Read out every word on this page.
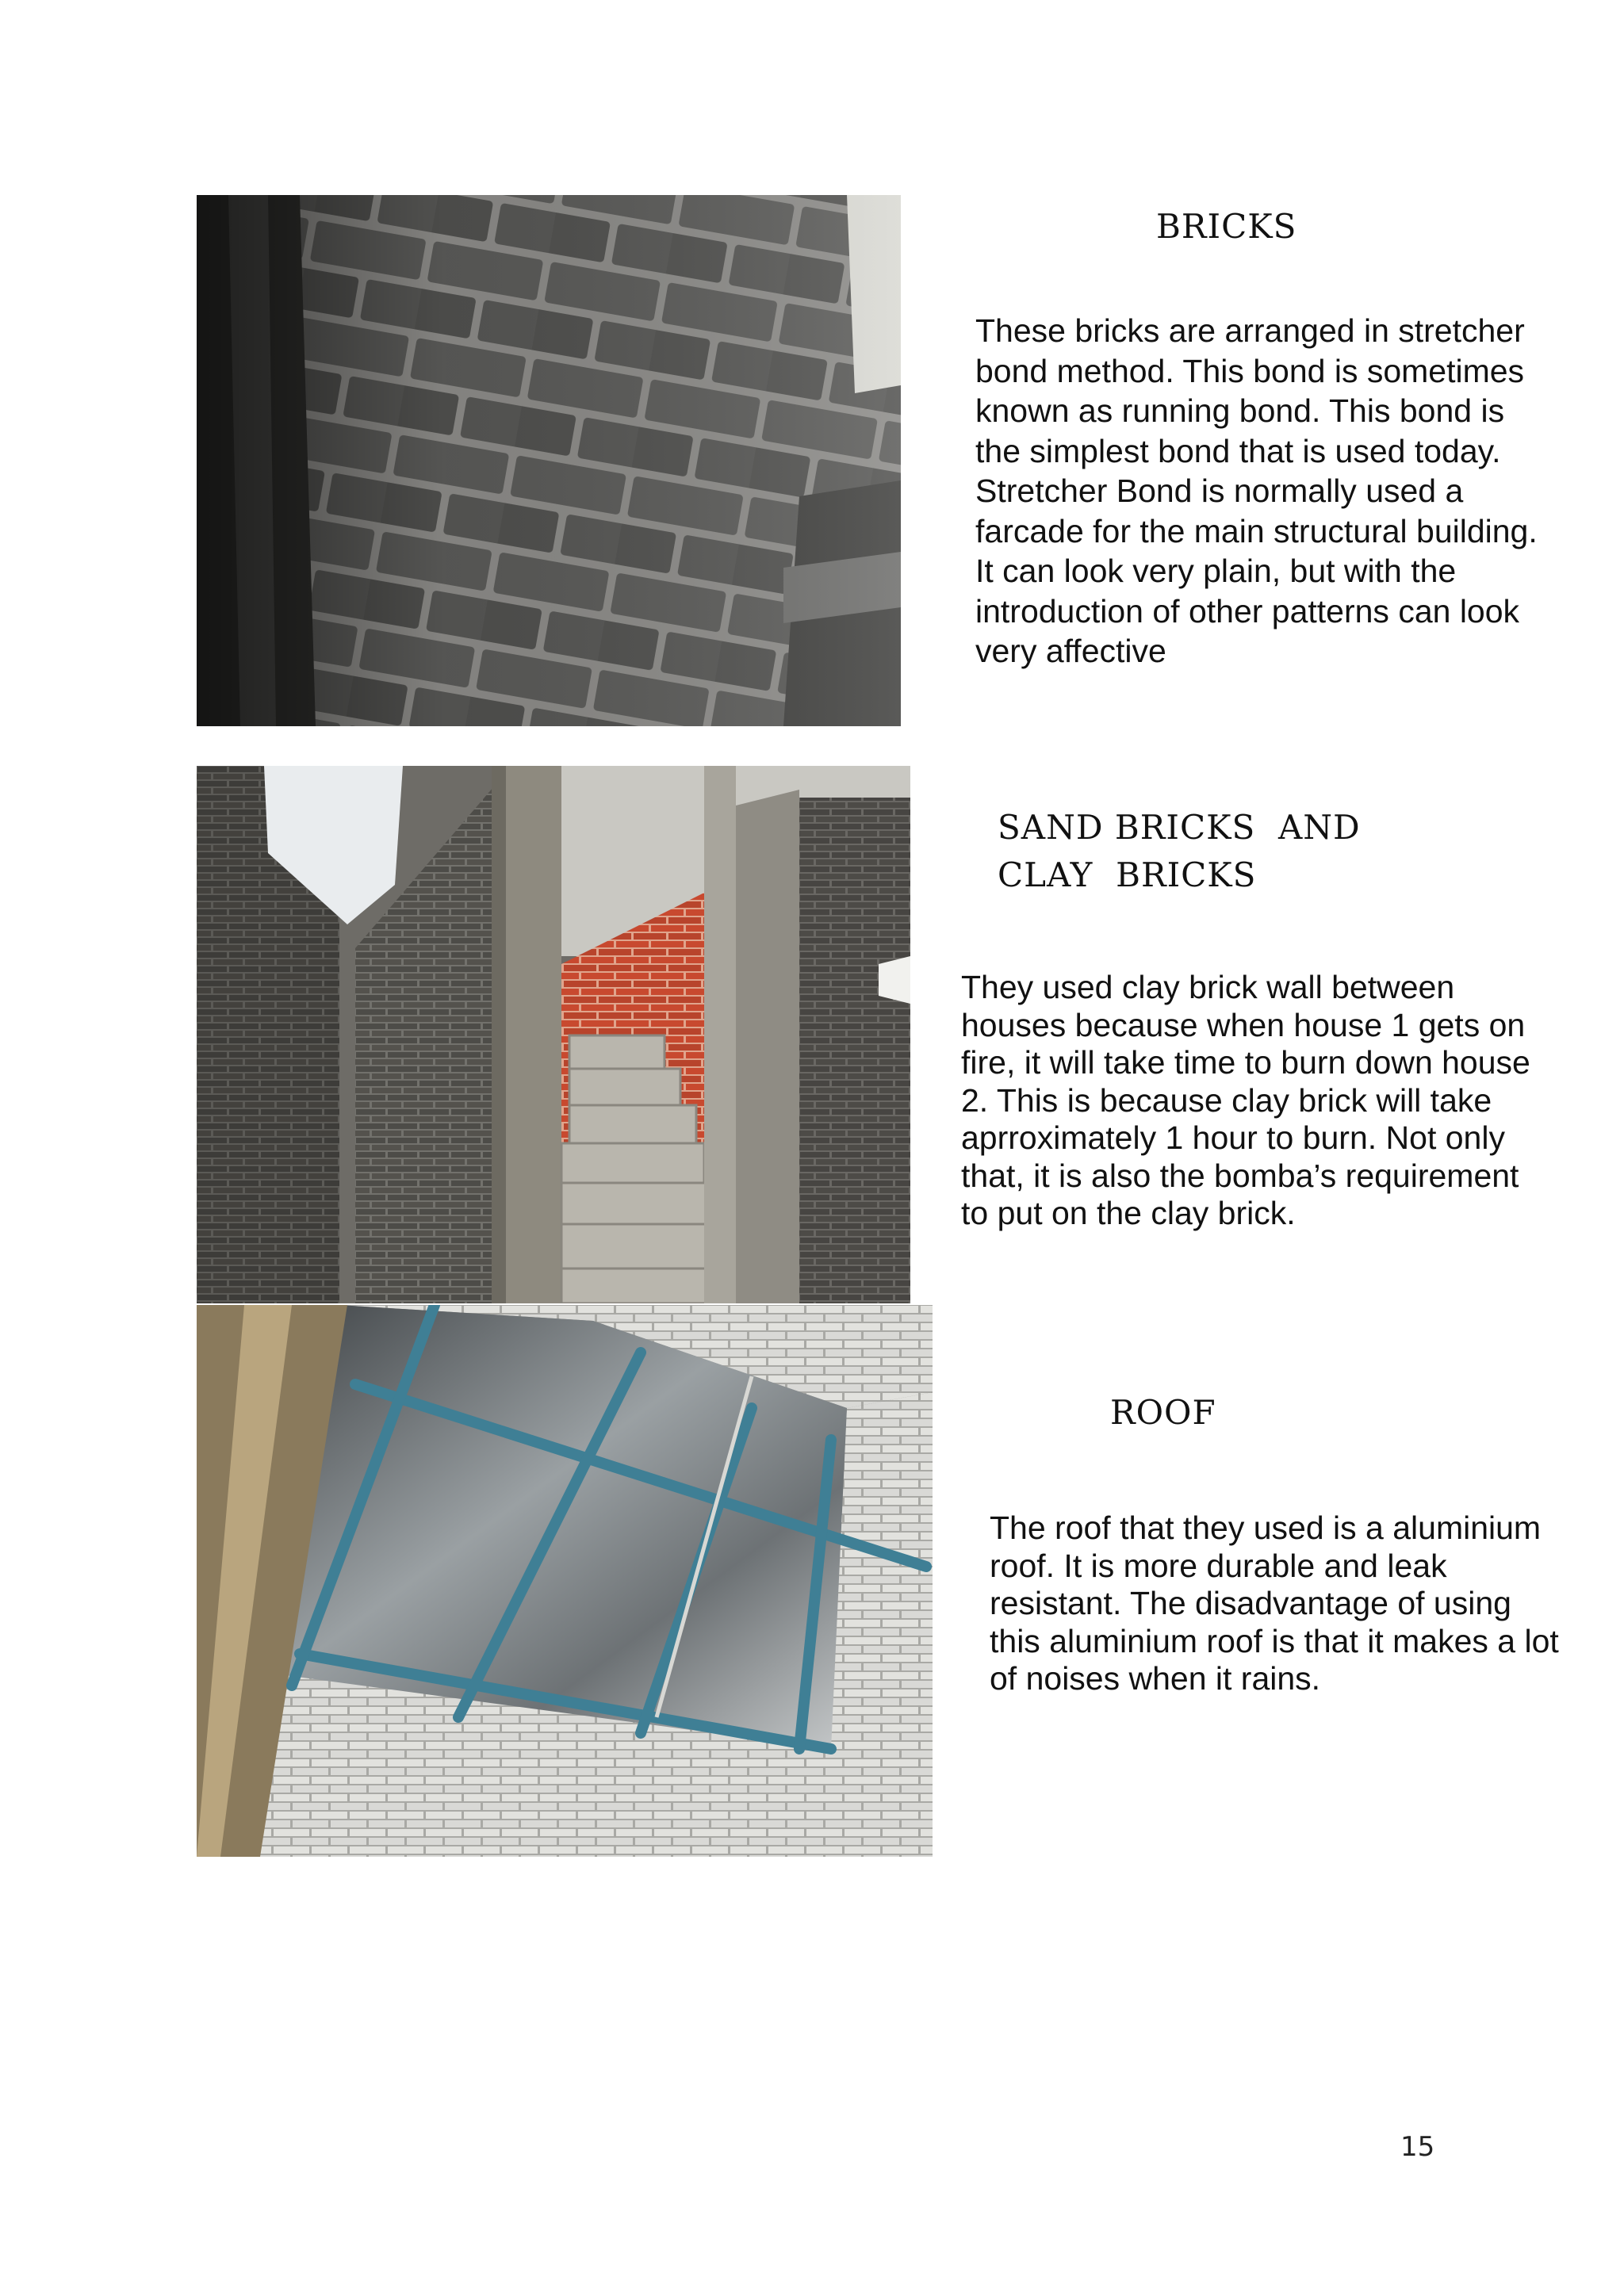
BRICKS
These bricks are arranged in stretcher
bond method. This bond is sometimes
known as running bond. This bond is
the simplest bond that is used today.
Stretcher Bond is normally used a
farcade for the main structural building.
It can look very plain, but with the
introduction of other patterns can look
very affective
SAND BRICKS  AND
CLAY  BRICKS
They used clay brick wall between
houses because when house 1 gets on
fire, it will take time to burn down house
2. This is because clay brick will take
aprroximately 1 hour to burn. Not only
that, it is also the bomba’s requirement
to put on the clay brick.
ROOF
The roof that they used is a aluminium
roof. It is more durable and leak
resistant. The disadvantage of using
this aluminium roof is that it makes a lot
of noises when it rains.
15
